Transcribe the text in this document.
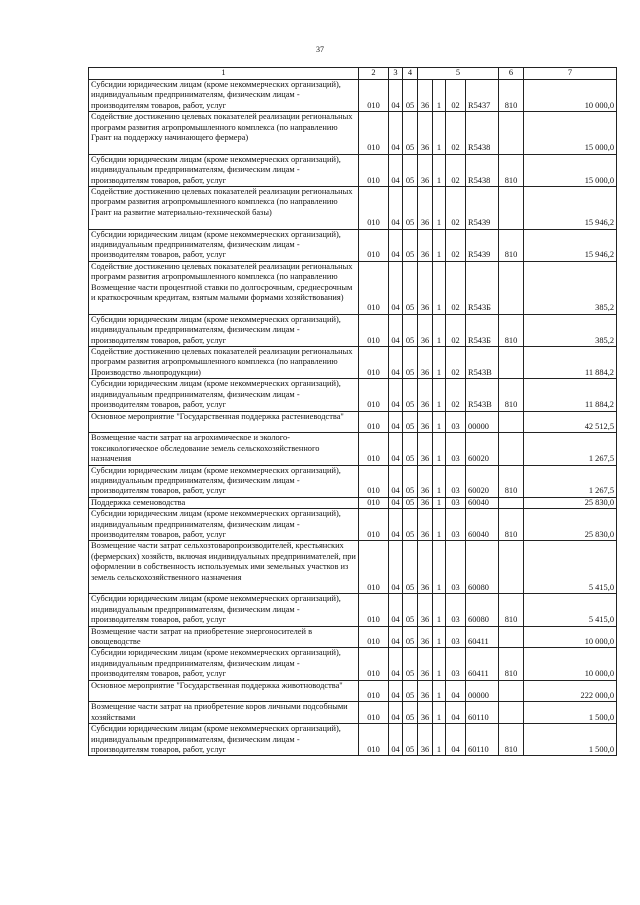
37
1	2	3	4	5				6	7
Субсидии юридическим лицам (кроме некоммерческих организаций), индивидуальным предпринимателям, физическим лицам - производителям товаров, работ, услуг	010	04	05	36	1	02	R5437	810	10 000,0
Содействие достижению целевых показателей реализации региональных программ развития агропромышленного комплекса (по направлению Грант на поддержку начинающего фермера)	010	04	05	36	1	02	R5438		15 000,0
Субсидии юридическим лицам (кроме некоммерческих организаций), индивидуальным предпринимателям, физическим лицам - производителям товаров, работ, услуг	010	04	05	36	1	02	R5438	810	15 000,0
Содействие достижению целевых показателей реализации региональных программ развития агропромышленного комплекса (по направлению Грант на развитие материально-технической базы)	010	04	05	36	1	02	R5439		15 946,2
Субсидии юридическим лицам (кроме некоммерческих организаций), индивидуальным предпринимателям, физическим лицам - производителям товаров, работ, услуг	010	04	05	36	1	02	R5439	810	15 946,2
Содействие достижению целевых показателей реализации региональных программ развития агропромышленного комплекса (по направлению Возмещение части процентной ставки по долгосрочным, среднесрочным и краткосрочным кредитам, взятым малыми формами хозяйствования)	010	04	05	36	1	02	R543Б		385,2
Субсидии юридическим лицам (кроме некоммерческих организаций), индивидуальным предпринимателям, физическим лицам - производителям товаров, работ, услуг	010	04	05	36	1	02	R543Б	810	385,2
Содействие достижению целевых показателей реализации региональных программ развития агропромышленного комплекса (по направлению Производство льнопродукции)	010	04	05	36	1	02	R543В		11 884,2
Субсидии юридическим лицам (кроме некоммерческих организаций), индивидуальным предпринимателям, физическим лицам - производителям товаров, работ, услуг	010	04	05	36	1	02	R543В	810	11 884,2
Основное мероприятие "Государственная поддержка растениеводства"	010	04	05	36	1	03	00000		42 512,5
Возмещение части затрат на агрохимическое и эколого-токсикологическое обследование земель сельскохозяйственного назначения	010	04	05	36	1	03	60020		1 267,5
Субсидии юридическим лицам (кроме некоммерческих организаций), индивидуальным предпринимателям, физическим лицам - производителям товаров, работ, услуг	010	04	05	36	1	03	60020	810	1 267,5
Поддержка семеноводства	010	04	05	36	1	03	60040		25 830,0
Субсидии юридическим лицам (кроме некоммерческих организаций), индивидуальным предпринимателям, физическим лицам - производителям товаров, работ, услуг	010	04	05	36	1	03	60040	810	25 830,0
Возмещение части затрат сельхозтоваропроизводителей, крестьянских (фермерских) хозяйств, включая индивидуальных предпринимателей, при оформлении в собственность используемых ими земельных участков из земель сельскохозяйственного назначения	010	04	05	36	1	03	60080		5 415,0
Субсидии юридическим лицам (кроме некоммерческих организаций), индивидуальным предпринимателям, физическим лицам - производителям товаров, работ, услуг	010	04	05	36	1	03	60080	810	5 415,0
Возмещение части затрат на приобретение энергоносителей в овощеводстве	010	04	05	36	1	03	60411		10 000,0
Субсидии юридическим лицам (кроме некоммерческих организаций), индивидуальным предпринимателям, физическим лицам - производителям товаров, работ, услуг	010	04	05	36	1	03	60411	810	10 000,0
Основное мероприятие "Государственная поддержка животноводства"	010	04	05	36	1	04	00000		222 000,0
Возмещение части затрат на приобретение коров личными подсобными хозяйствами	010	04	05	36	1	04	60110		1 500,0
Субсидии юридическим лицам (кроме некоммерческих организаций), индивидуальным предпринимателям, физическим лицам - производителям товаров, работ, услуг	010	04	05	36	1	04	60110	810	1 500,0
